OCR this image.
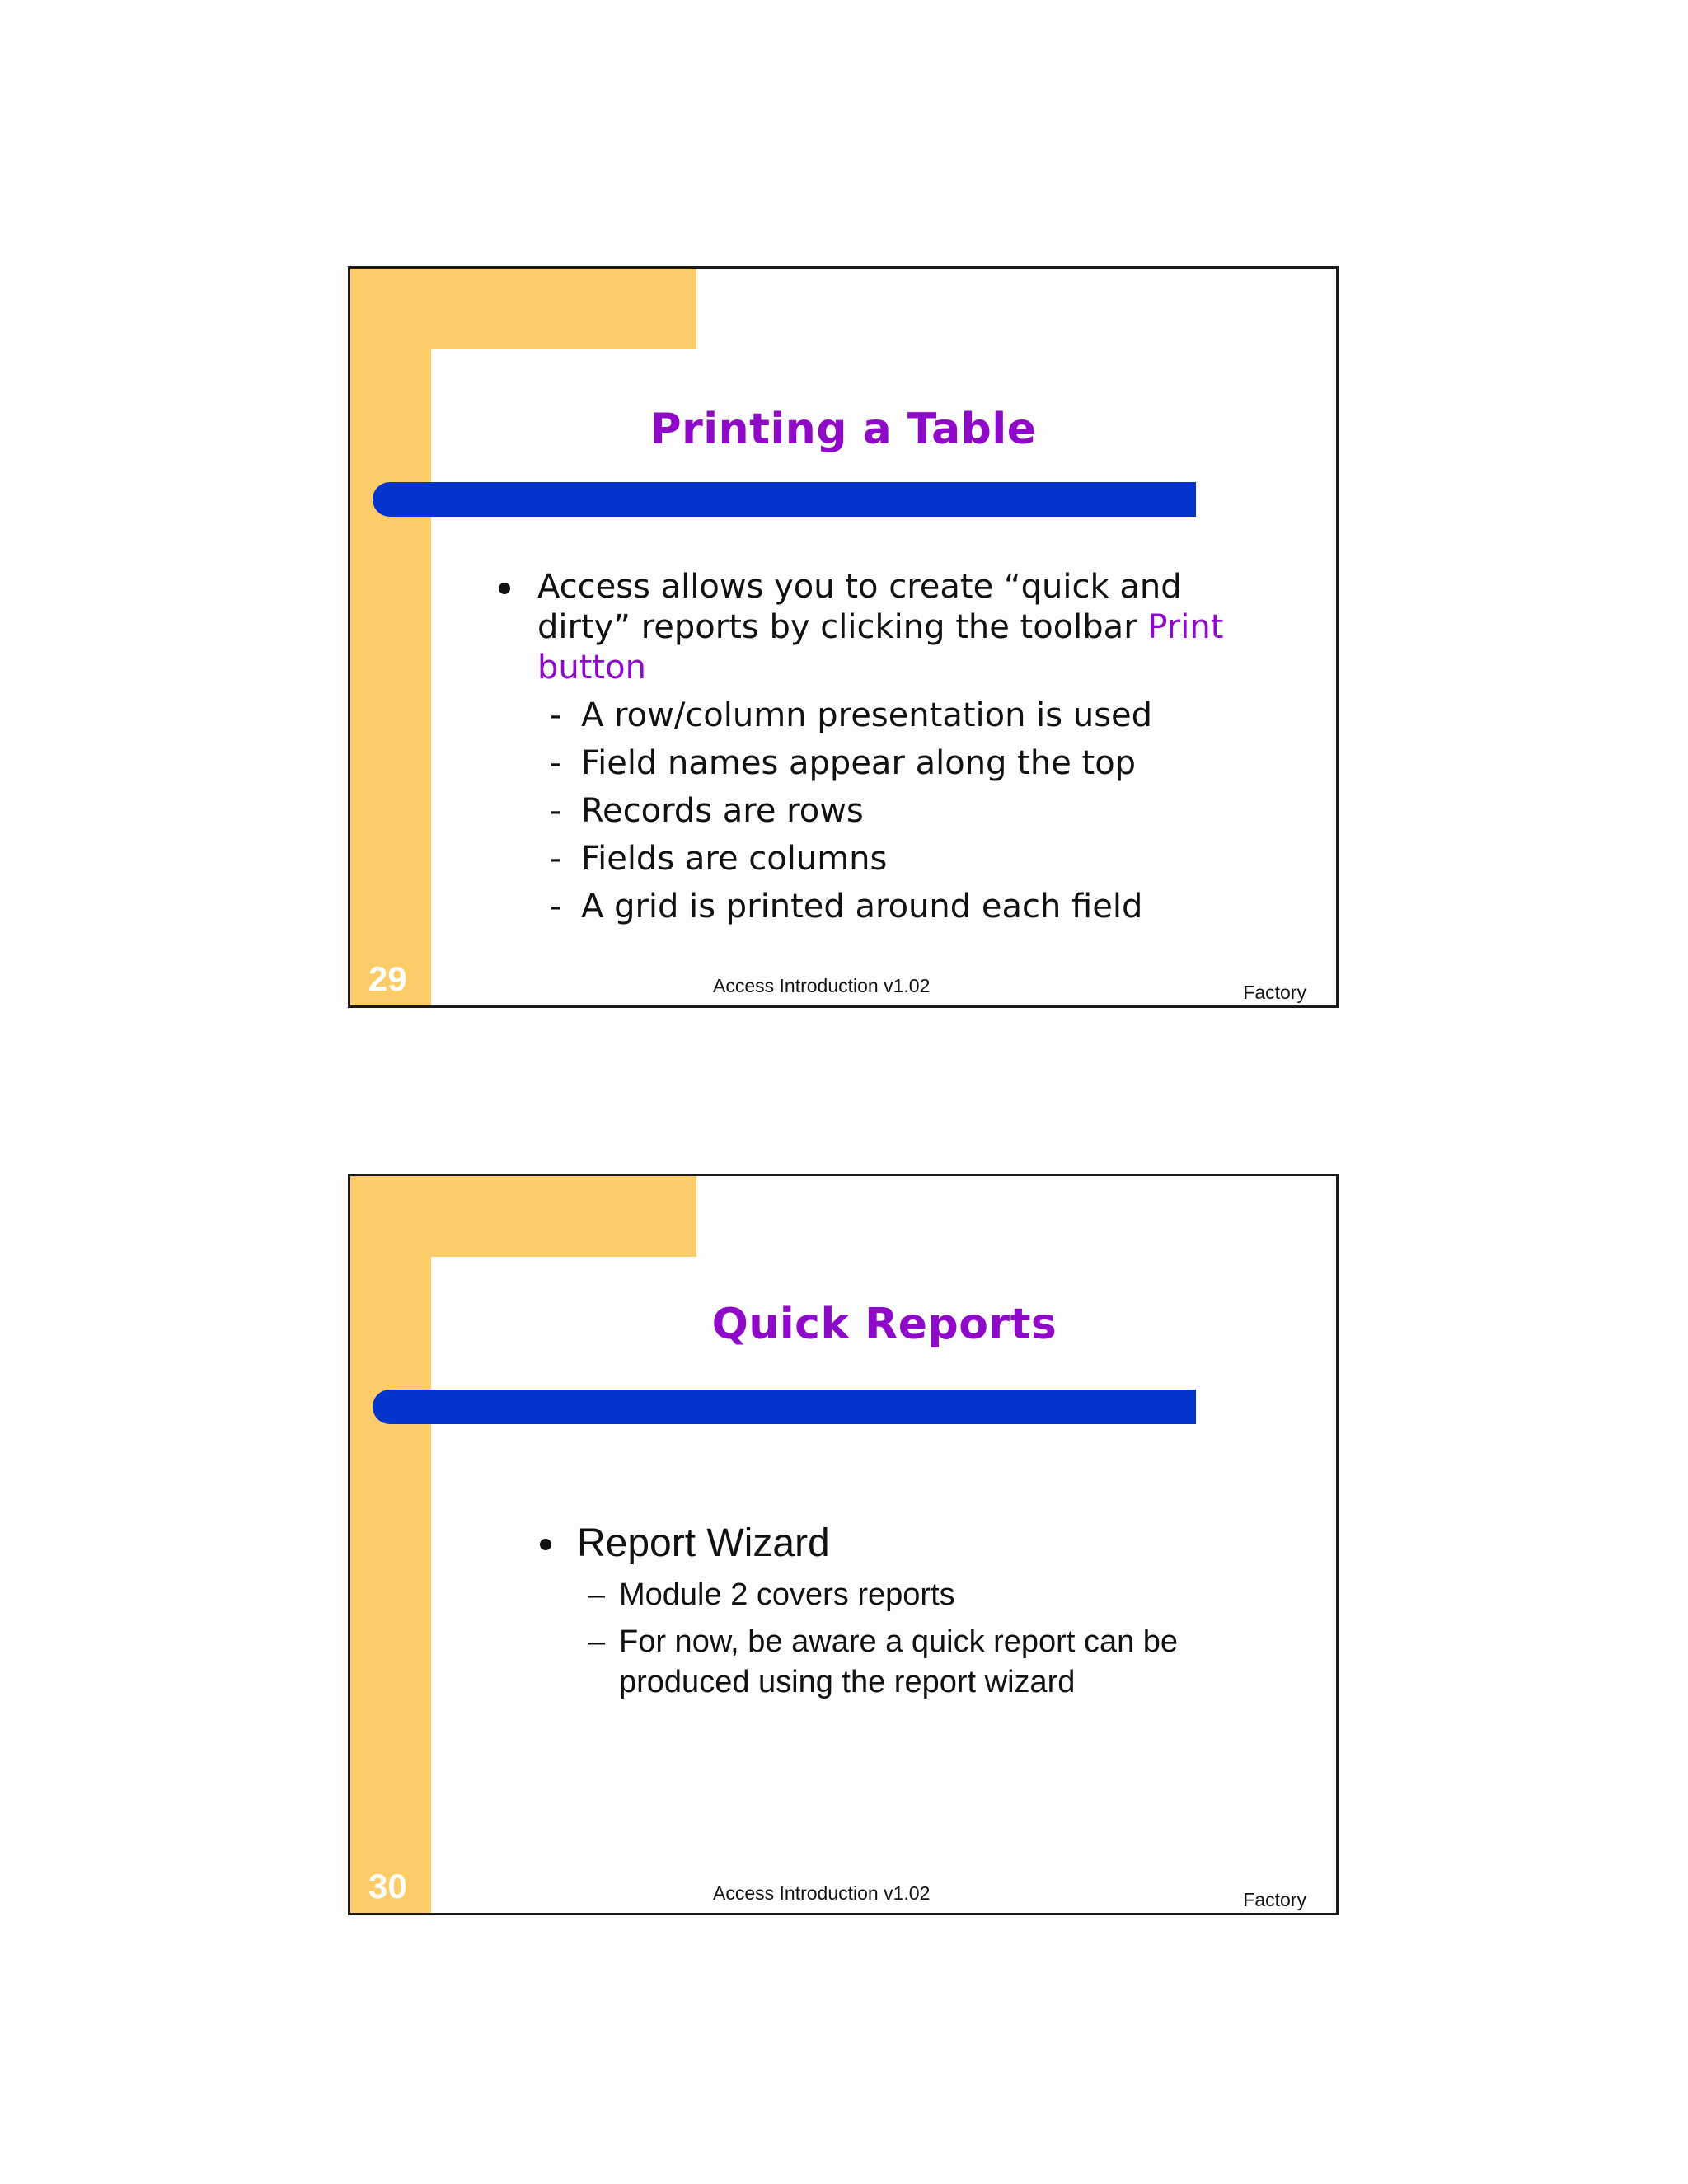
Printing a Table
Access allows you to create “quick and dirty” reports by clicking the toolbar Print button
- A row/column presentation is used
- Field names appear along the top
- Records are rows
- Fields are columns
- A grid is printed around each field
29	Access Introduction v1.02	Factory
Quick Reports
Report Wizard
– Module 2 covers reports
– For now, be aware a quick report can be produced using the report wizard
30	Access Introduction v1.02	Factory
